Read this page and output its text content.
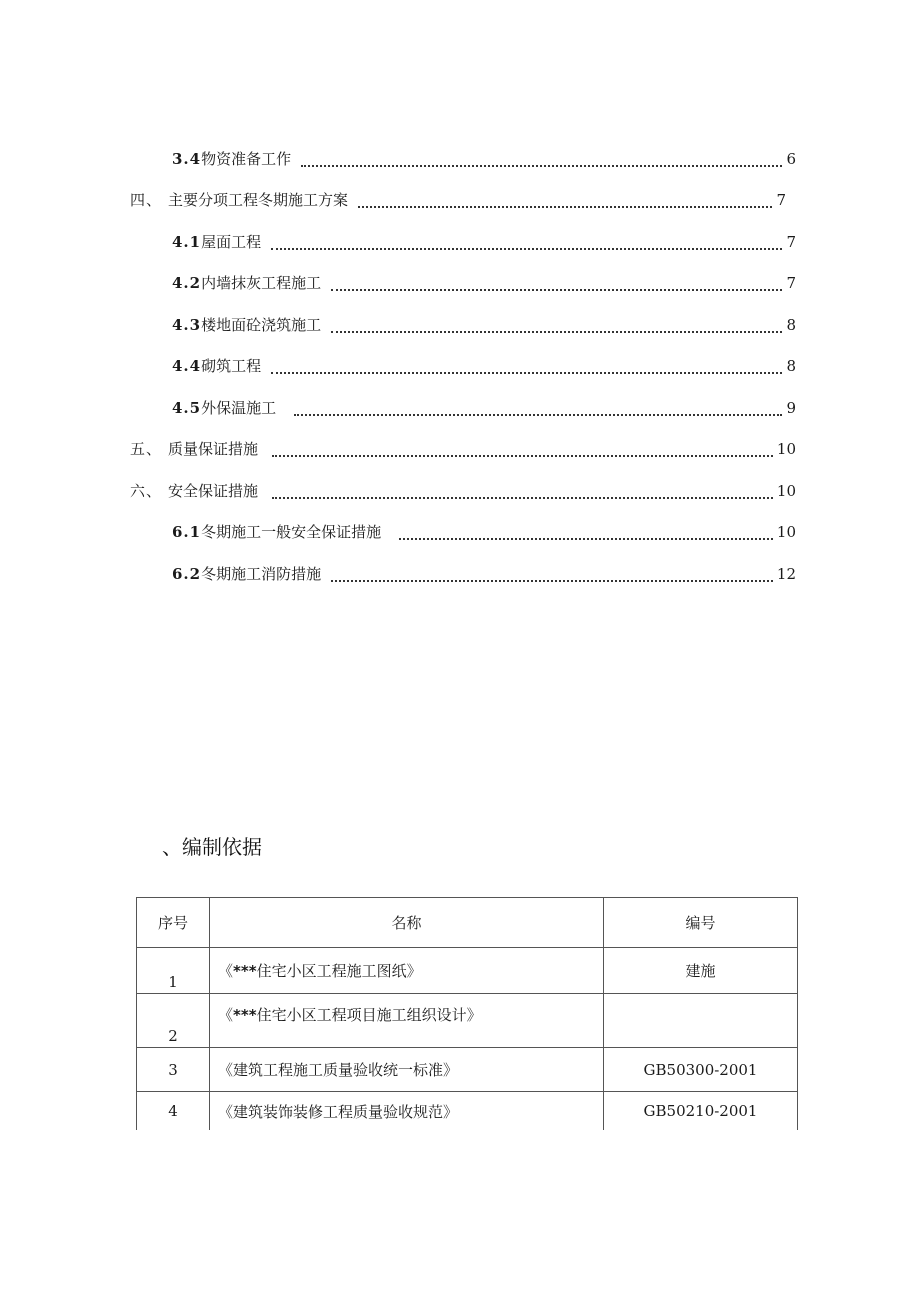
3.4 物资准备工作	6
四、 主要分项工程冬期施工方案	7
4.1 屋面工程	7
4.2 内墙抹灰工程施工	7
4.3 楼地面砼浇筑施工	8
4.4 砌筑工程	8
4.5 外保温施工	9
五、 质量保证措施	10
六、 安全保证措施	10
6.1 冬期施工一般安全保证措施	10
6.2 冬期施工消防措施	12
、编制依据
序号	名称	编号
1	《***住宅小区工程施工图纸》	建施
2	《***住宅小区工程项目施工组织设计》	
3	《建筑工程施工质量验收统一标准》	GB50300-2001
4	《建筑装饰装修工程质量验收规范》	GB50210-2001
